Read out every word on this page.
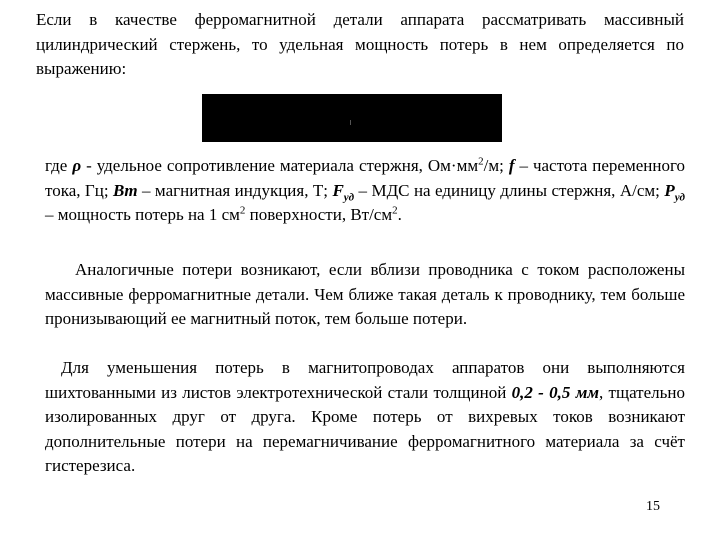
Если в качестве ферромагнитной детали аппарата рассматривать массивный цилиндрический стержень, то удельная мощность потерь в нем определяется по выражению:

где ρ - удельное сопротивление материала стержня, $Ом\cdot мм^2/м$; f – частота переменного тока, Гц; Bm – магнитная индукция, Т; $F_{уд}$ – МДС на единицу длины стержня, А/см; $P_{уд}$ – мощность потерь на 1 $см^2$ поверхности, $Вт/см^2$.

Аналогичные потери возникают, если вблизи проводника с током расположены массивные ферромагнитные детали. Чем ближе такая деталь к проводнику, тем больше пронизывающий ее магнитный поток, тем больше потери.

Для уменьшения потерь в магнитопроводах аппаратов они выполняются шихтованными из листов электротехнической стали толщиной 0,2 - 0,5 мм, тщательно изолированных друг от друга. Кроме потерь от вихревых токов возникают дополнительные потери на перемагничивание ферромагнитного материала за счёт гистерезиса.

15
